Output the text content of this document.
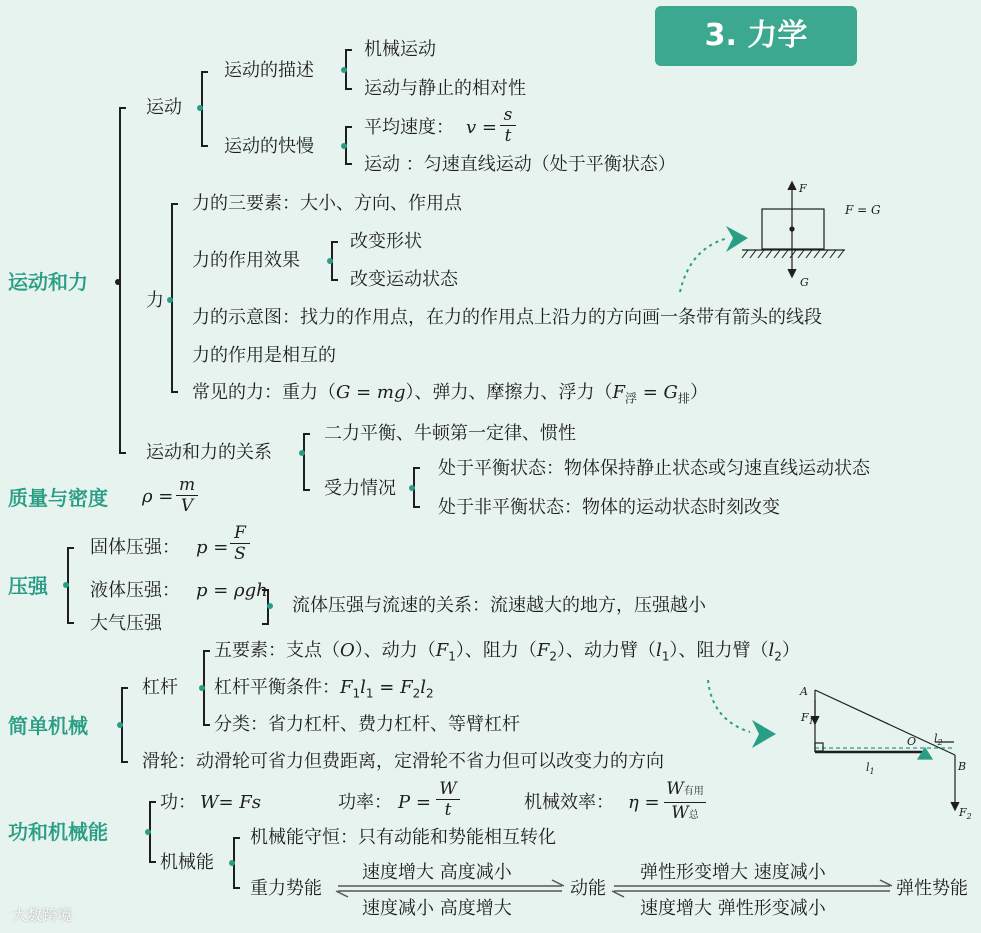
3. 力学
运动和力
运动
运动的描述
机械运动
运动与静止的相对性
运动的快慢
平均速度： v =
s
t
运动 ：匀速直线运动（处于平衡状态）
力
力的三要素：大小、方向、作用点
力的作用效果
改变形状
改变运动状态
力的示意图：找力的作用点，在力的作用点上沿力的方向画一条带有箭头的线段
力的作用是相互的
常见的力：重力（G = mg）、弹力、摩擦力、浮力$(F_浮 = G_排)$
F
F = G
G
运动和力的关系
二力平衡、牛顿第一定律、惯性
受力情况
处于平衡状态：物体保持静止状态或匀速直线运动状态
处于非平衡状态：物体的运动状态时刻改变
质量与密度 ρ =
m
V
压强
固体压强： p =
F
S
液体压强： p = ρgh
大气压强
流体压强与流速的关系：流速越大的地方，压强越小
简单机械
杠杆
五要素：支点（O）、动力$(F_1)$、阻力$(F_2)$、动力臂$(l_1)$、阻力臂$(l_2)$
杠杆平衡条件：$F_1l_1 = F_2l_2$
分类：省力杠杆、费力杠杆、等臂杠杆
滑轮：动滑轮可省力但费距离，定滑轮不省力但可以改变力的方向
A
$F_1$
O $l_2$
$l_1$	B
$F_2$
功和机械能
功： W= Fs	功率： P =
W
t	机械效率： η =
W有用
W总
机械能
机械能守恒：只有动能和势能相互转化
重力势能
速度增大 高度减小
速度减小 高度增大
动能
弹性形变增大 速度减小
速度增大 弹性形变减小
弹性势能
大数跨境
